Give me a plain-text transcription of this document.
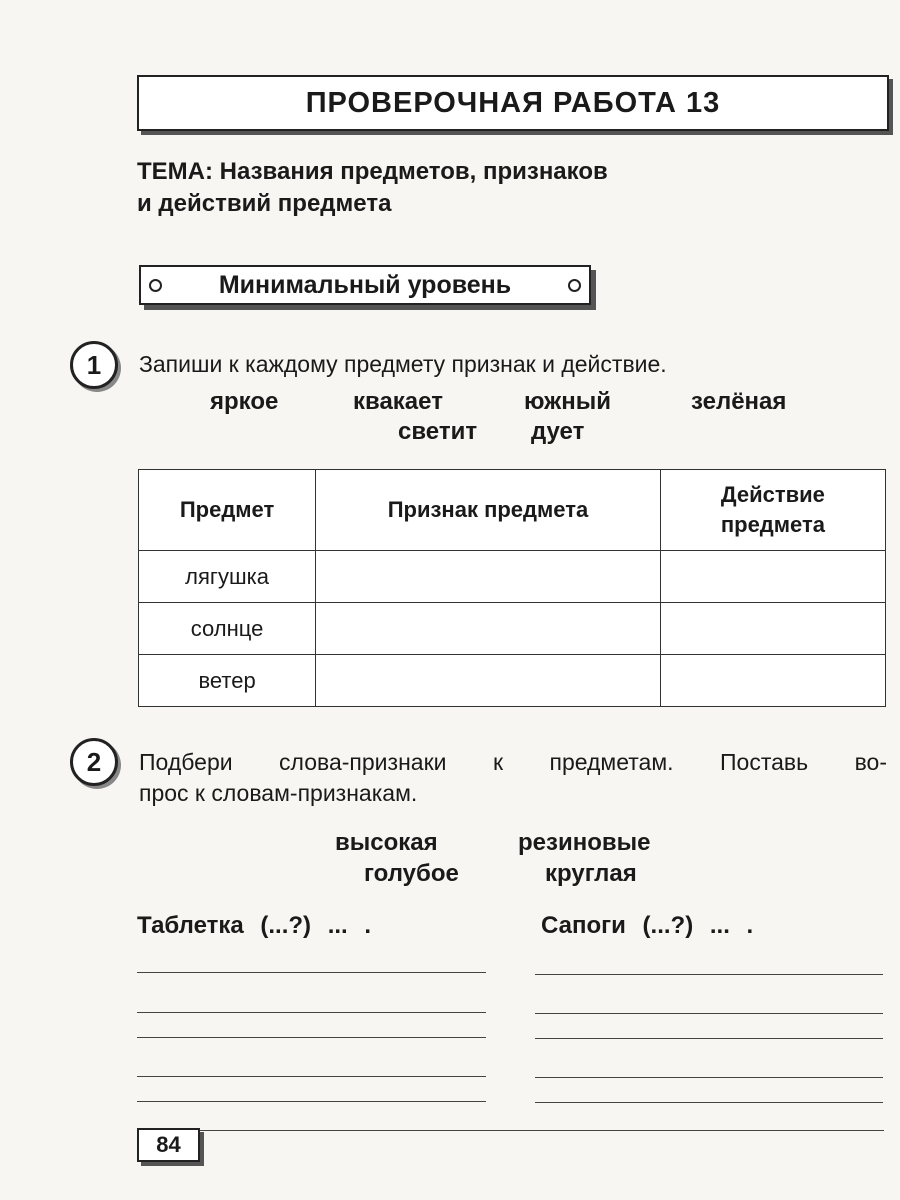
ПРОВЕРОЧНАЯ РАБОТА 13
ТЕМА: Названия предметов, признаков
и действий предмета
Минимальный уровень
1	Запиши к каждому предмету признак и действие.
яркое	квакает	южный	зелёная
светит дует
Предмет	Признак предмета	Действие предмета
лягушка		
солнце		
ветер		
2	Подбери слова-признаки к предметам. Поставь во-
прос к словам-признакам.
высокая	резиновые
голубое	круглая
Таблетка (...?) ... .	Сапоги (...?) ... .
84
